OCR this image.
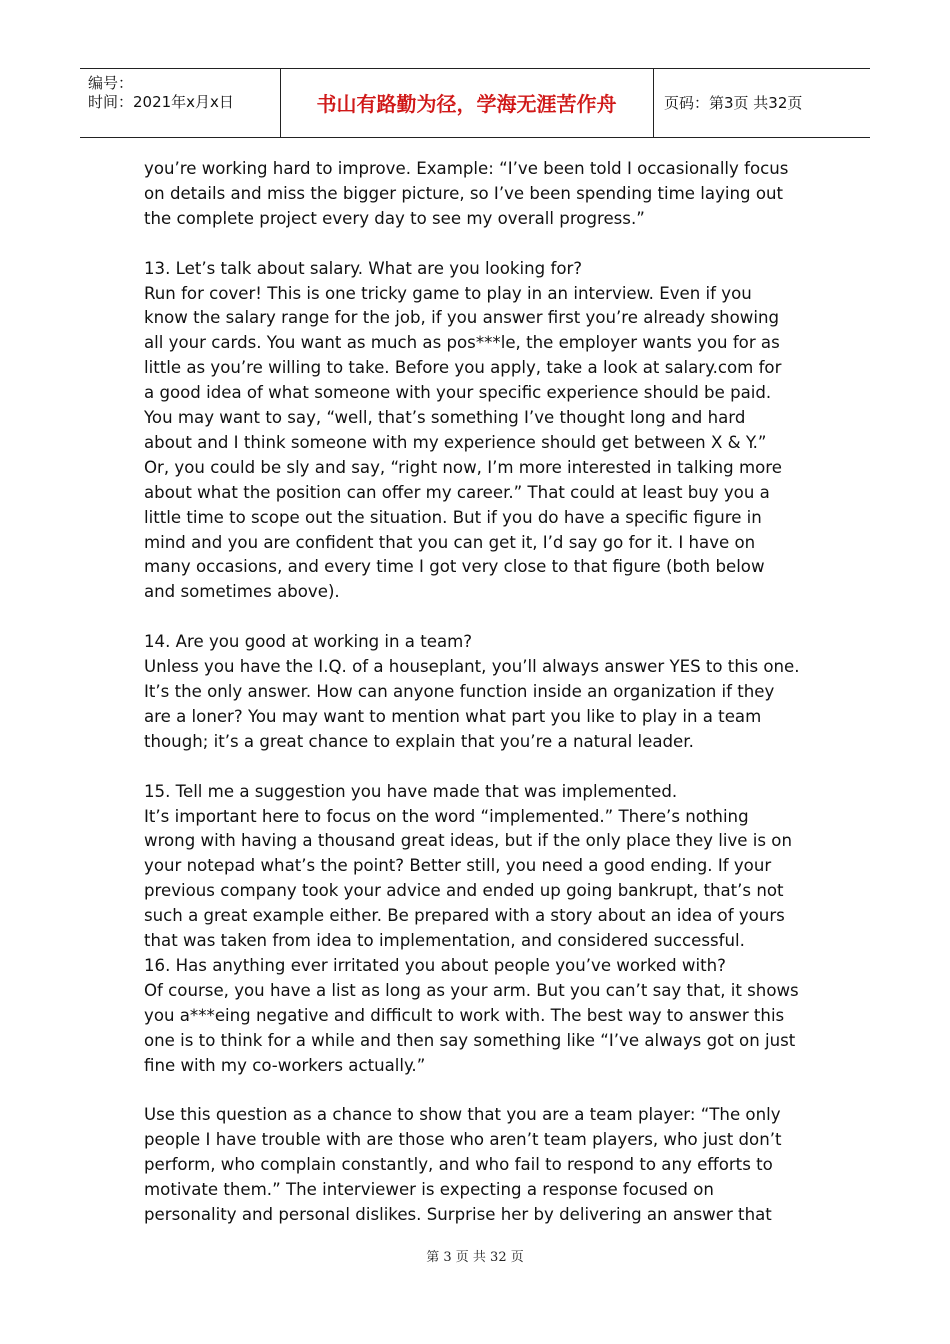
编号：
时间：2021年x月x日	书山有路勤为径，学海无涯苦作舟	页码：第3页 共32页

you’re working hard to improve. Example: “I’ve been told I occasionally focus

on details and miss the bigger picture, so I’ve been spending time laying out

the complete project every day to see my overall progress.”

13. Let’s talk about salary. What are you looking for?

Run for cover! This is one tricky game to play in an interview. Even if you

know the salary range for the job, if you answer first you’re already showing

all your cards. You want as much as pos***le, the employer wants you for as

little as you’re willing to take. Before you apply, take a look at salary.com for

a good idea of what someone with your specific experience should be paid.

You may want to say, “well, that’s something I’ve thought long and hard

about and I think someone with my experience should get between X & Y.”

Or, you could be sly and say, “right now, I’m more interested in talking more

about what the position can offer my career.” That could at least buy you a

little time to scope out the situation. But if you do have a specific figure in

mind and you are confident that you can get it, I’d say go for it. I have on

many occasions, and every time I got very close to that figure (both below

and sometimes above).

14. Are you good at working in a team?

Unless you have the I.Q. of a houseplant, you’ll always answer YES to this one.

It’s the only answer. How can anyone function inside an organization if they

are a loner? You may want to mention what part you like to play in a team

though; it’s a great chance to explain that you’re a natural leader.

15. Tell me a suggestion you have made that was implemented.

It’s important here to focus on the word “implemented.” There’s nothing

wrong with having a thousand great ideas, but if the only place they live is on

your notepad what’s the point? Better still, you need a good ending. If your

previous company took your advice and ended up going bankrupt, that’s not

such a great example either. Be prepared with a story about an idea of yours

that was taken from idea to implementation, and considered successful.

16. Has anything ever irritated you about people you’ve worked with?

Of course, you have a list as long as your arm. But you can’t say that, it shows

you a***eing negative and difficult to work with. The best way to answer this

one is to think for a while and then say something like “I’ve always got on just

fine with my co-workers actually.”

Use this question as a chance to show that you are a team player: “The only

people I have trouble with are those who aren’t team players, who just don’t

perform, who complain constantly, and who fail to respond to any efforts to

motivate them.” The interviewer is expecting a response focused on

personality and personal dislikes. Surprise her by delivering an answer that

第 3 页 共 32 页
